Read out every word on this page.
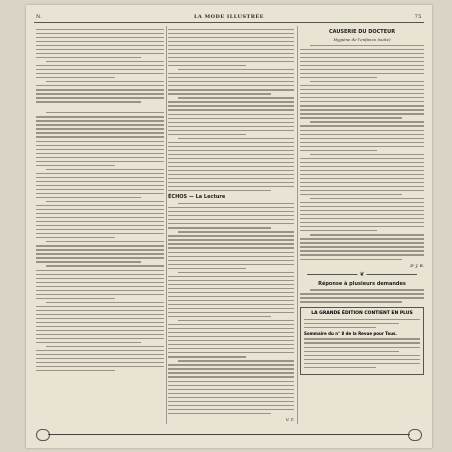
N.	LA MODE ILLUSTRÉE	75
ÉCHOS — La Lecture
V. T.
CAUSERIE DU DOCTEUR
Hygiène de l'enfance (suite)
D' J. R.
❦
Réponse à plusieurs demandes
LA GRANDE ÉDITION CONTIENT EN PLUS
Sommaire du n° 8 de la Revue pour Tous.
